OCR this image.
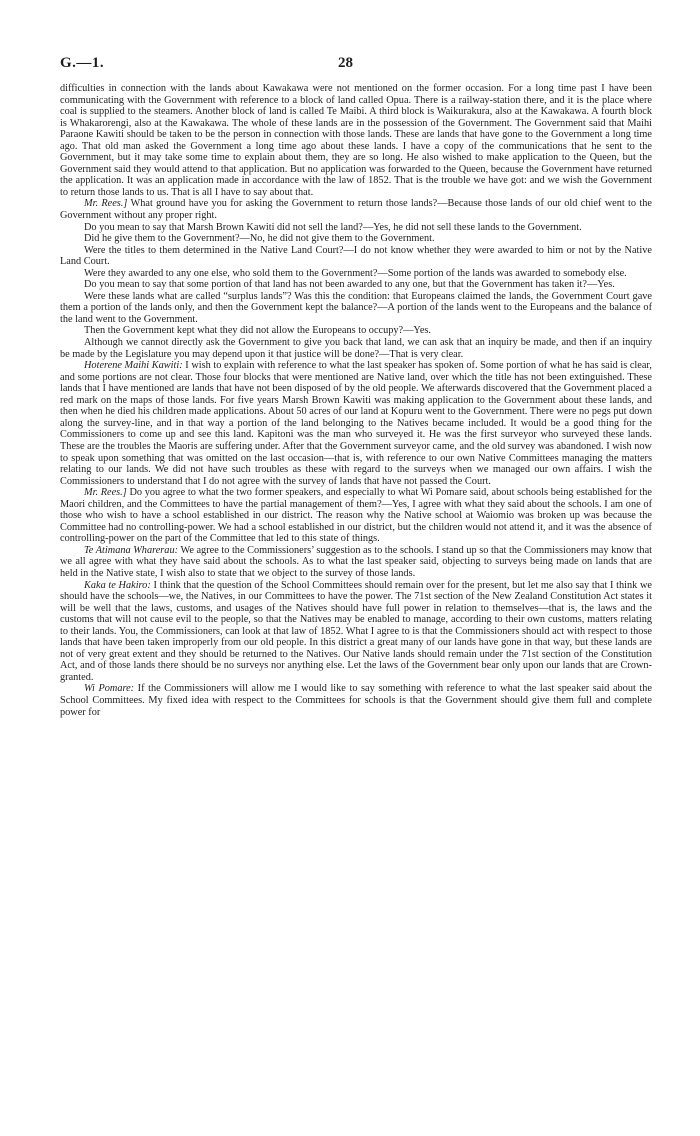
G.—1.	28

difficulties in connection with the lands about Kawakawa were not mentioned on the former occasion. For a long time past I have been communicating with the Government with reference to a block of land called Opua. There is a railway-station there, and it is the place where coal is supplied to the steamers. Another block of land is called Te Maibi. A third block is Waikurakura, also at the Kawakawa. A fourth block is Whakarorengi, also at the Kawakawa. The whole of these lands are in the possession of the Government. The Government said that Maihi Paraone Kawiti should be taken to be the person in connection with those lands. These are lands that have gone to the Government a long time ago. That old man asked the Government a long time ago about these lands. I have a copy of the communications that he sent to the Government, but it may take some time to explain about them, they are so long. He also wished to make application to the Queen, but the Government said they would attend to that application. But no application was forwarded to the Queen, because the Government have returned the application. It was an application made in accordance with the law of 1852. That is the trouble we have got: and we wish the Government to return those lands to us. That is all I have to say about that.

Mr. Rees.] What ground have you for asking the Government to return those lands?—Because those lands of our old chief went to the Government without any proper right.

Do you mean to say that Marsh Brown Kawiti did not sell the land?—Yes, he did not sell these lands to the Government.

Did he give them to the Government?—No, he did not give them to the Government.

Were the titles to them determined in the Native Land Court?—I do not know whether they were awarded to him or not by the Native Land Court.

Were they awarded to any one else, who sold them to the Government?—Some portion of the lands was awarded to somebody else.

Do you mean to say that some portion of that land has not been awarded to any one, but that the Government has taken it?—Yes.

Were these lands what are called “surplus lands”? Was this the condition: that Europeans claimed the lands, the Government Court gave them a portion of the lands only, and then the Government kept the balance?—A portion of the lands went to the Europeans and the balance of the land went to the Government.

Then the Government kept what they did not allow the Europeans to occupy?—Yes.

Although we cannot directly ask the Government to give you back that land, we can ask that an inquiry be made, and then if an inquiry be made by the Legislature you may depend upon it that justice will be done?—That is very clear.

Hoterene Maihi Kawiti: I wish to explain with reference to what the last speaker has spoken of. Some portion of what he has said is clear, and some portions are not clear. Those four blocks that were mentioned are Native land, over which the title has not been extinguished. These lands that I have mentioned are lands that have not been disposed of by the old people. We afterwards discovered that the Government placed a red mark on the maps of those lands. For five years Marsh Brown Kawiti was making application to the Government about these lands, and then when he died his children made applications. About 50 acres of our land at Kopuru went to the Government. There were no pegs put down along the survey-line, and in that way a portion of the land belonging to the Natives became included. It would be a good thing for the Commissioners to come up and see this land. Kapitoni was the man who surveyed it. He was the first surveyor who surveyed these lands. These are the troubles the Maoris are suffering under. After that the Government surveyor came, and the old survey was abandoned. I wish now to speak upon something that was omitted on the last occasion—that is, with reference to our own Native Committees managing the matters relating to our lands. We did not have such troubles as these with regard to the surveys when we managed our own affairs. I wish the Commissioners to understand that I do not agree with the survey of lands that have not passed the Court.

Mr. Rees.] Do you agree to what the two former speakers, and especially to what Wi Pomare said, about schools being established for the Maori children, and the Committees to have the partial management of them?—Yes, I agree with what they said about the schools. I am one of those who wish to have a school established in our district. The reason why the Native school at Waiomio was broken up was because the Committee had no controlling-power. We had a school established in our district, but the children would not attend it, and it was the absence of controlling-power on the part of the Committee that led to this state of things.

Te Atimana Wharerau: We agree to the Commissioners’ suggestion as to the schools. I stand up so that the Commissioners may know that we all agree with what they have said about the schools. As to what the last speaker said, objecting to surveys being made on lands that are held in the Native state, I wish also to state that we object to the survey of those lands.

Kaka te Hakiro: I think that the question of the School Committees should remain over for the present, but let me also say that I think we should have the schools—we, the Natives, in our Committees to have the power. The 71st section of the New Zealand Constitution Act states it will be well that the laws, customs, and usages of the Natives should have full power in relation to themselves—that is, the laws and the customs that will not cause evil to the people, so that the Natives may be enabled to manage, according to their own customs, matters relating to their lands. You, the Commissioners, can look at that law of 1852. What I agree to is that the Commissioners should act with respect to those lands that have been taken improperly from our old people. In this district a great many of our lands have gone in that way, but these lands are not of very great extent and they should be returned to the Natives. Our Native lands should remain under the 71st section of the Constitution Act, and of those lands there should be no surveys nor anything else. Let the laws of the Government bear only upon our lands that are Crown-granted.

Wi Pomare: If the Commissioners will allow me I would like to say something with reference to what the last speaker said about the School Committees. My fixed idea with respect to the Committees for schools is that the Government should give them full and complete power for
